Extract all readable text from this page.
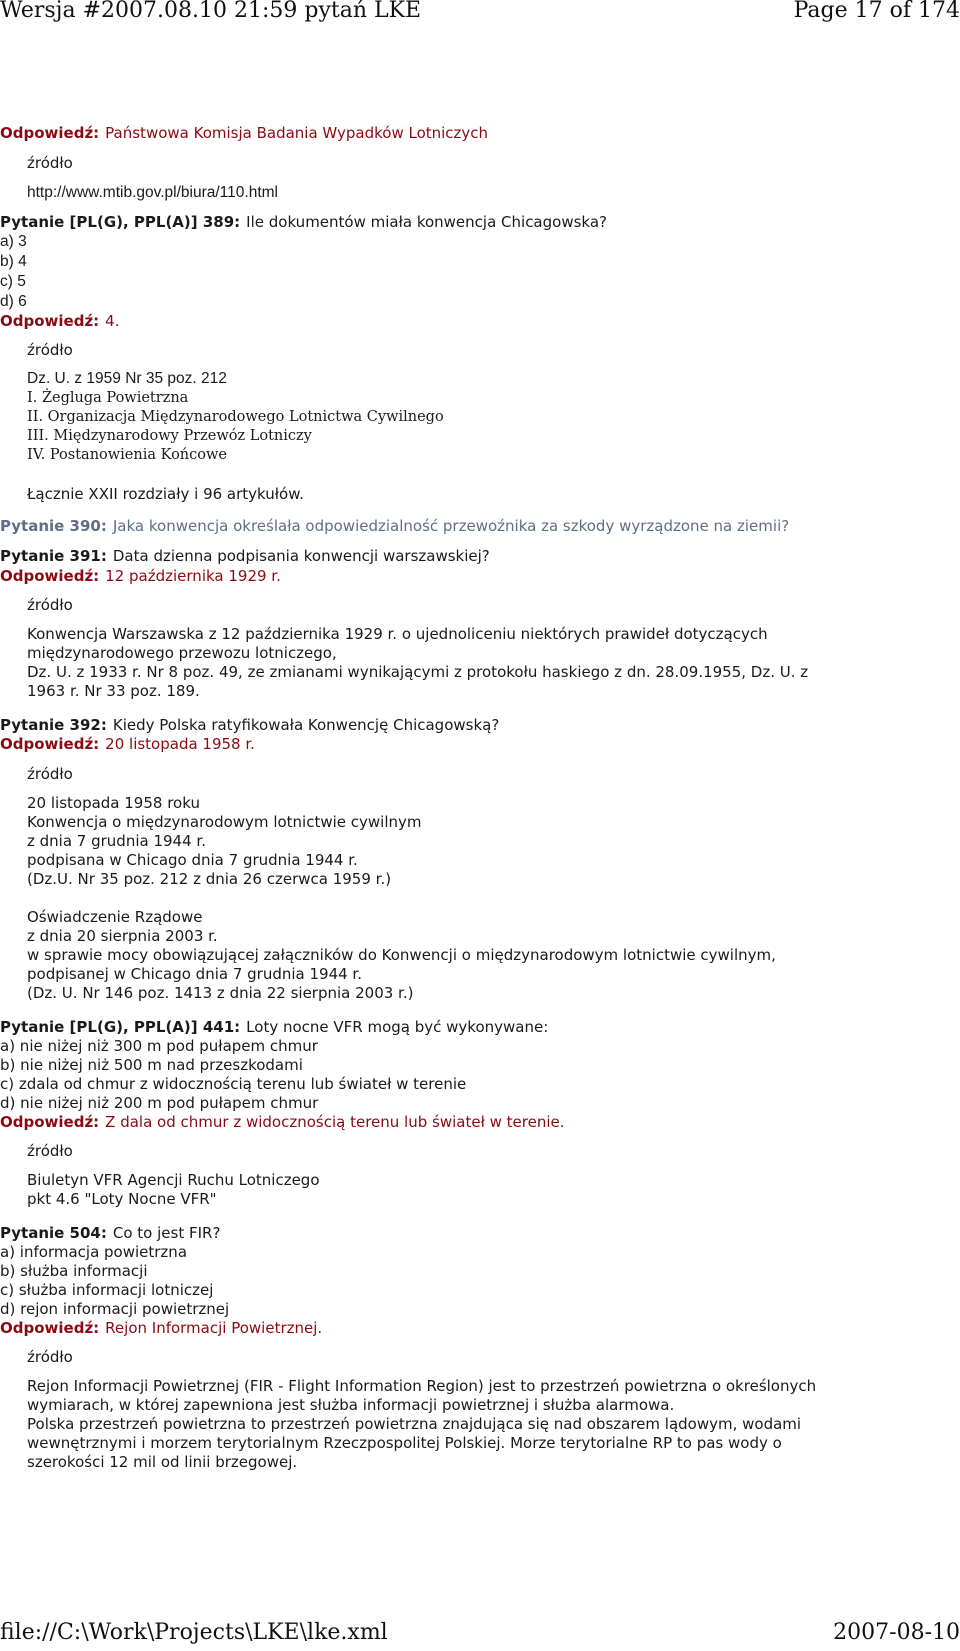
Wersja #2007.08.10 21:59 pytań LKE	Page 17 of 174
Odpowiedź: Państwowa Komisja Badania Wypadków Lotniczych
źródło
http://www.mtib.gov.pl/biura/110.html
Pytanie [PL(G), PPL(A)] 389: Ile dokumentów miała konwencja Chicagowska?
a) 3
b) 4
c) 5
d) 6
Odpowiedź: 4.
źródło
Dz. U. z 1959 Nr 35 poz. 212
I. Żegluga Powietrzna
II. Organizacja Międzynarodowego Lotnictwa Cywilnego
III. Międzynarodowy Przewóz Lotniczy
IV. Postanowienia Końcowe
Łącznie XXII rozdziały i 96 artykułów.
Pytanie 390: Jaka konwencja określała odpowiedzialność przewoźnika za szkody wyrządzone na ziemii?
Pytanie 391: Data dzienna podpisania konwencji warszawskiej?
Odpowiedź: 12 października 1929 r.
źródło
Konwencja Warszawska z 12 października 1929 r. o ujednoliceniu niektórych prawideł dotyczących
międzynarodowego przewozu lotniczego,
Dz. U. z 1933 r. Nr 8 poz. 49, ze zmianami wynikającymi z protokołu haskiego z dn. 28.09.1955, Dz. U. z
1963 r. Nr 33 poz. 189.
Pytanie 392: Kiedy Polska ratyfikowała Konwencję Chicagowską?
Odpowiedź: 20 listopada 1958 r.
źródło
20 listopada 1958 roku
Konwencja o międzynarodowym lotnictwie cywilnym
z dnia 7 grudnia 1944 r.
podpisana w Chicago dnia 7 grudnia 1944 r.
(Dz.U. Nr 35 poz. 212 z dnia 26 czerwca 1959 r.)
Oświadczenie Rządowe
z dnia 20 sierpnia 2003 r.
w sprawie mocy obowiązującej załączników do Konwencji o międzynarodowym lotnictwie cywilnym,
podpisanej w Chicago dnia 7 grudnia 1944 r.
(Dz. U. Nr 146 poz. 1413 z dnia 22 sierpnia 2003 r.)
Pytanie [PL(G), PPL(A)] 441: Loty nocne VFR mogą być wykonywane:
a) nie niżej niż 300 m pod pułapem chmur
b) nie niżej niż 500 m nad przeszkodami
c) zdala od chmur z widocznością terenu lub świateł w terenie
d) nie niżej niż 200 m pod pułapem chmur
Odpowiedź: Z dala od chmur z widocznością terenu lub świateł w terenie.
źródło
Biuletyn VFR Agencji Ruchu Lotniczego
pkt 4.6 "Loty Nocne VFR"
Pytanie 504: Co to jest FIR?
a) informacja powietrzna
b) służba informacji
c) służba informacji lotniczej
d) rejon informacji powietrznej
Odpowiedź: Rejon Informacji Powietrznej.
źródło
Rejon Informacji Powietrznej (FIR - Flight Information Region) jest to przestrzeń powietrzna o określonych
wymiarach, w której zapewniona jest służba informacji powietrznej i służba alarmowa.
Polska przestrzeń powietrzna to przestrzeń powietrzna znajdująca się nad obszarem lądowym, wodami
wewnętrznymi i morzem terytorialnym Rzeczpospolitej Polskiej. Morze terytorialne RP to pas wody o
szerokości 12 mil od linii brzegowej.
file://C:\Work\Projects\LKE\lke.xml	2007-08-10
